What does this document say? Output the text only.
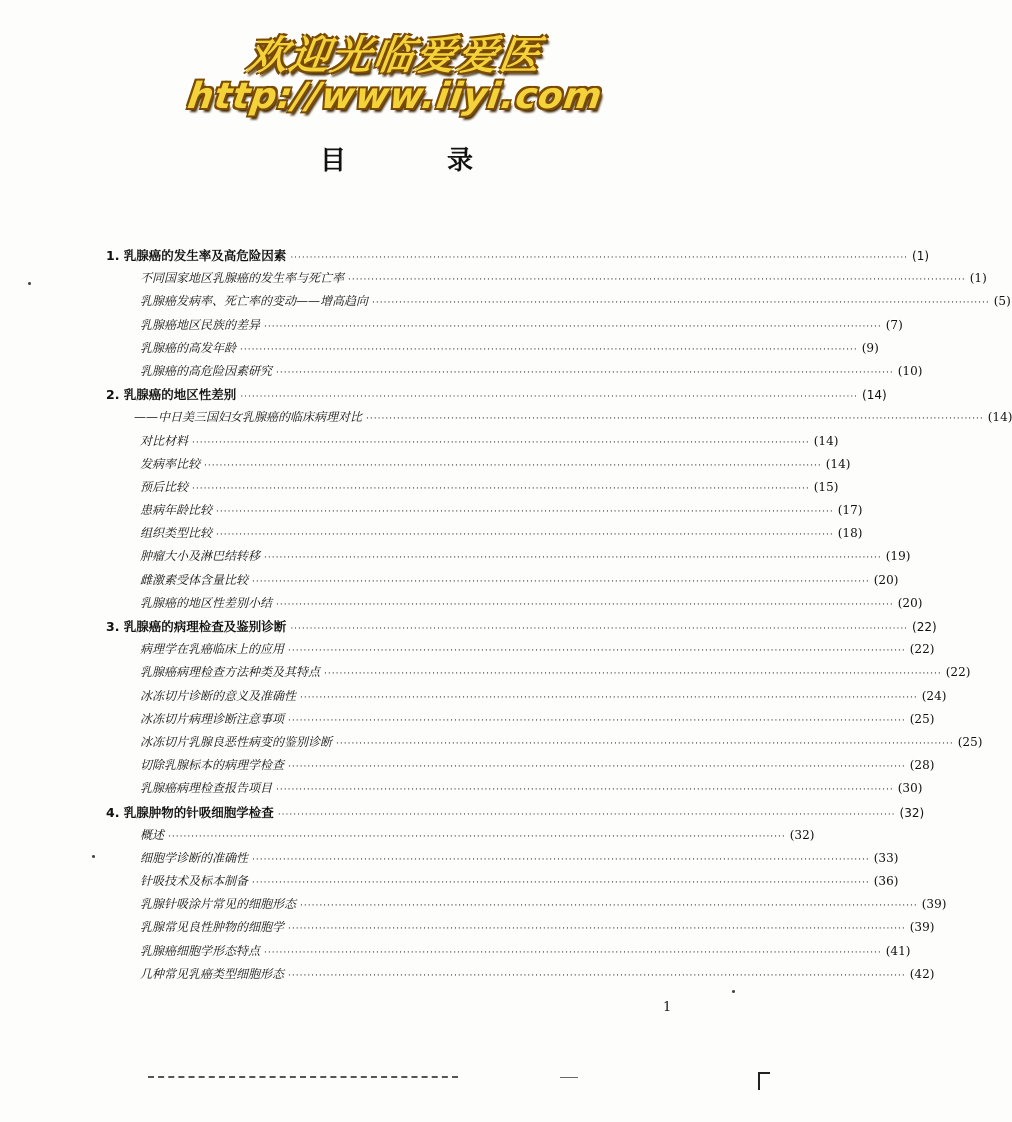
欢迎光临爱爱医
http://www.iiyi.com
目 录
1. 乳腺癌的发生率及高危险因素 ································································································································································ (1)
不同国家地区乳腺癌的发生率与死亡率 ································································································································································ (1)
乳腺癌发病率、死亡率的变动——增高趋向 ································································································································································ (5)
乳腺癌地区民族的差异 ································································································································································ (7)
乳腺癌的高发年龄 ································································································································································ (9)
乳腺癌的高危险因素研究 ································································································································································ (10)
2. 乳腺癌的地区性差别 ································································································································································ (14)
——中日美三国妇女乳腺癌的临床病理对比 ································································································································································ (14)
对比材料 ································································································································································ (14)
发病率比较 ································································································································································ (14)
预后比较 ································································································································································ (15)
患病年龄比较 ································································································································································ (17)
组织类型比较 ································································································································································ (18)
肿瘤大小及淋巴结转移 ································································································································································ (19)
雌激素受体含量比较 ································································································································································ (20)
乳腺癌的地区性差别小结 ································································································································································ (20)
3. 乳腺癌的病理检查及鉴别诊断 ································································································································································ (22)
病理学在乳癌临床上的应用 ································································································································································ (22)
乳腺癌病理检查方法种类及其特点 ································································································································································ (22)
冰冻切片诊断的意义及准确性 ································································································································································ (24)
冰冻切片病理诊断注意事项 ································································································································································ (25)
冰冻切片乳腺良恶性病变的鉴别诊断 ································································································································································ (25)
切除乳腺标本的病理学检查 ································································································································································ (28)
乳腺癌病理检查报告项目 ································································································································································ (30)
4. 乳腺肿物的针吸细胞学检查 ································································································································································ (32)
概述 ································································································································································ (32)
细胞学诊断的准确性 ································································································································································ (33)
针吸技术及标本制备 ································································································································································ (36)
乳腺针吸涂片常见的细胞形态 ································································································································································ (39)
乳腺常见良性肿物的细胞学 ································································································································································ (39)
乳腺癌细胞学形态特点 ································································································································································ (41)
几种常见乳癌类型细胞形态 ································································································································································ (42)
1
